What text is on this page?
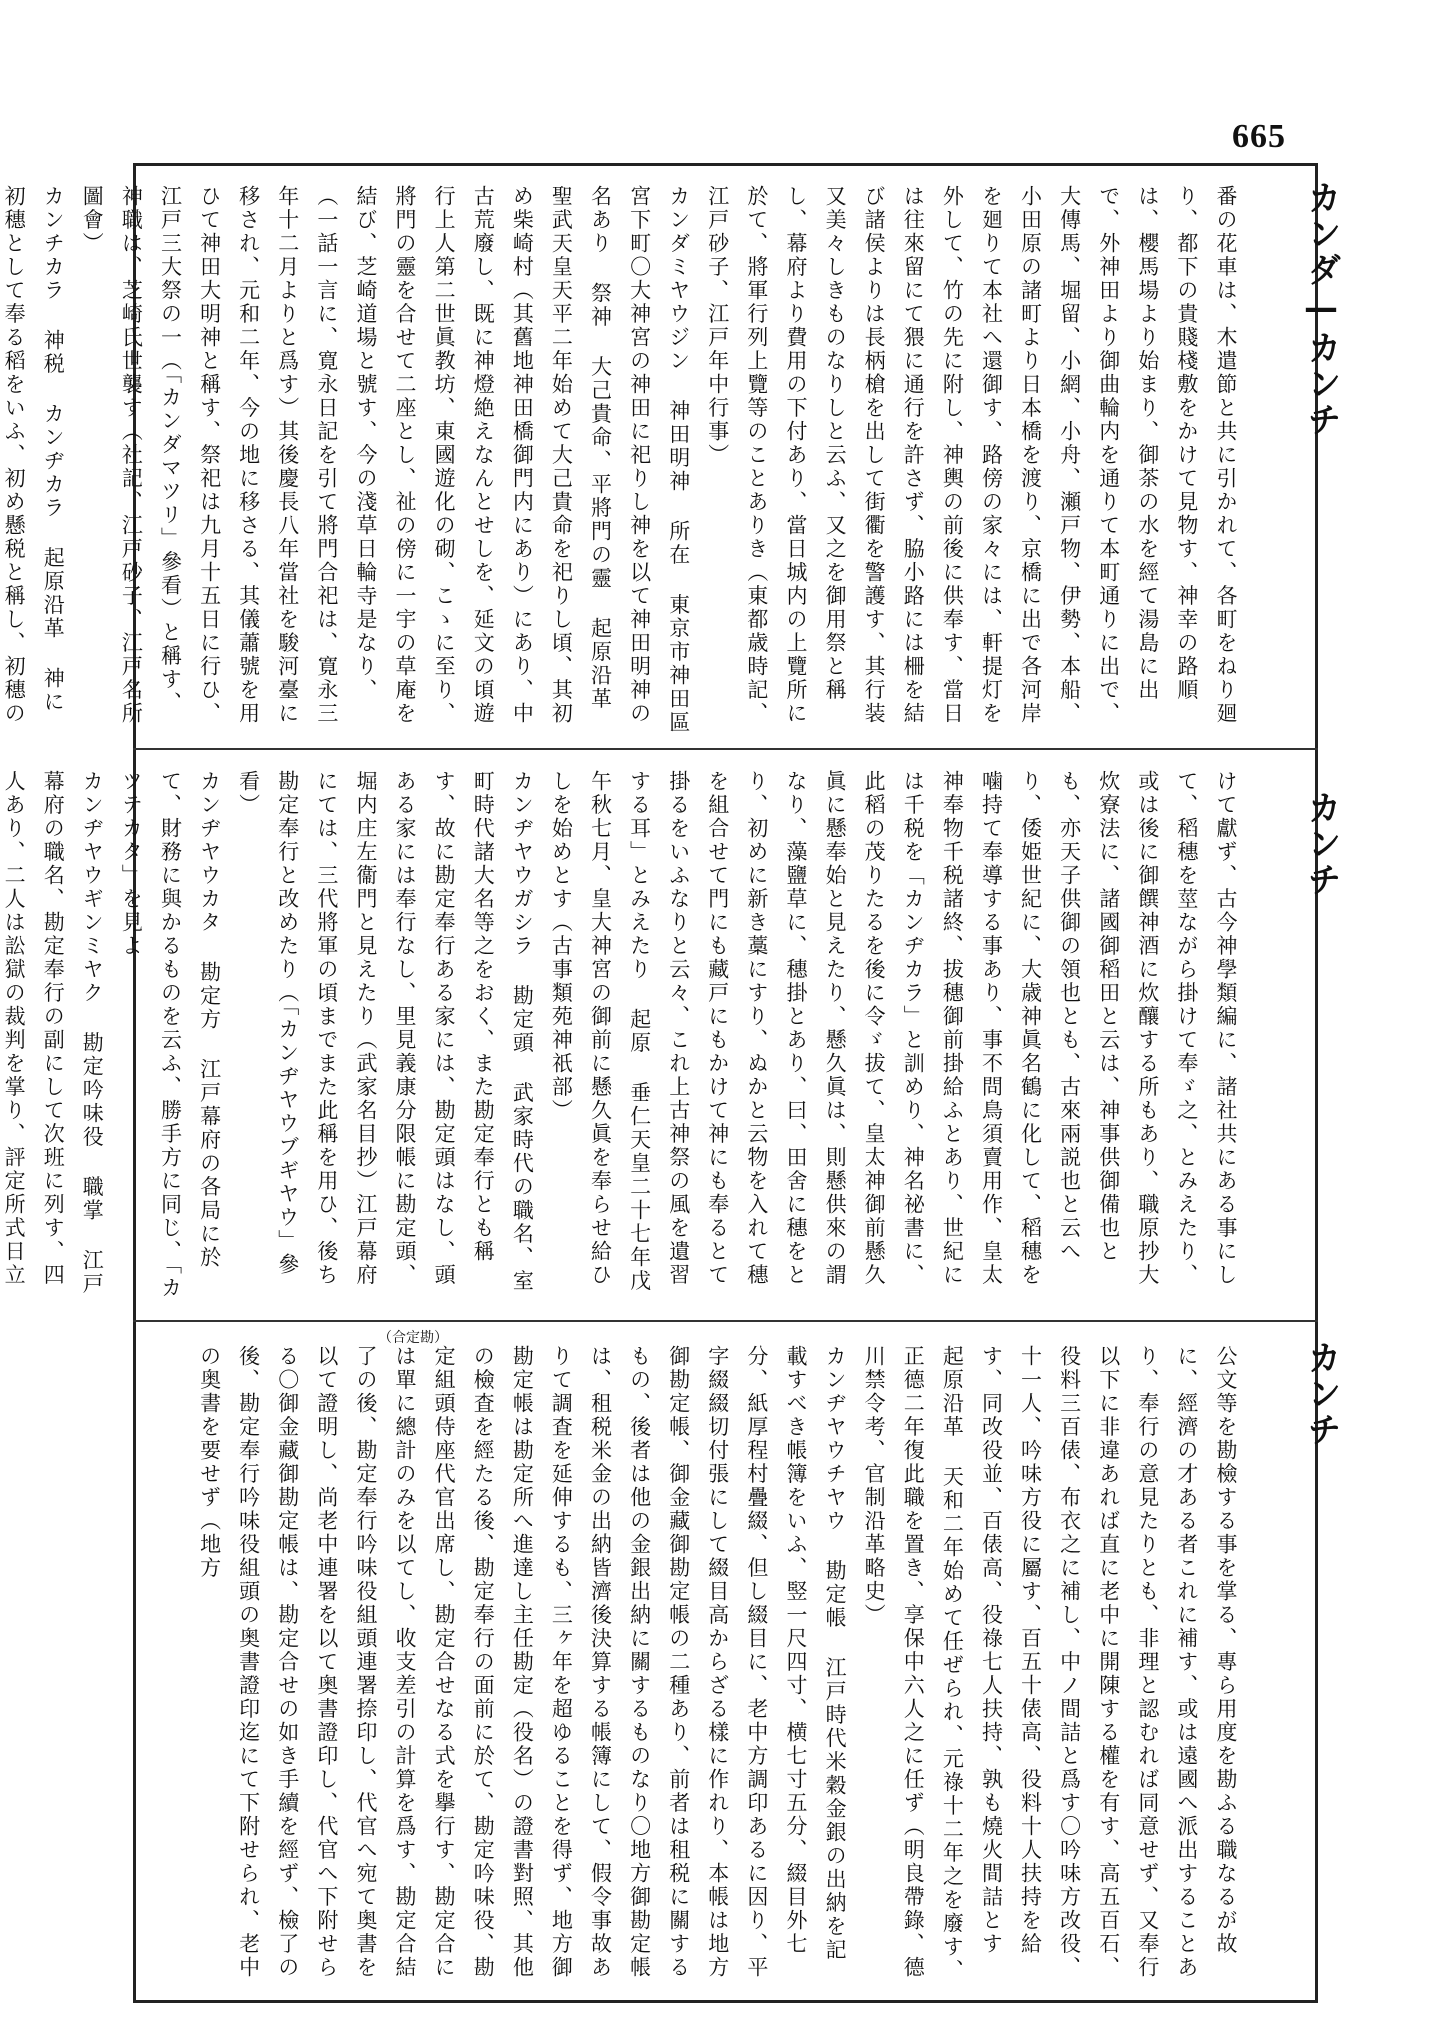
665
カンダ—カンチ
カンチ
カンチ
番の花車は、木遣節と共に引かれて、各町をねり廻り、都下の貴賤棧敷をかけて見物す、神幸の路順は、櫻馬場より始まり、御茶の水を經て湯島に出で、外神田より御曲輪内を通りて本町通りに出で、大傳馬、堀留、小網、小舟、瀬戸物、伊勢、本船、小田原の諸町より日本橋を渡り、京橋に出で各河岸を廻りて本社へ還御す、路傍の家々には、軒提灯を外して、竹の先に附し、神輿の前後に供奉す、當日は往來留にて猥に通行を許さず、脇小路には柵を結び諸侯よりは長柄槍を出して街衢を警護す、其行装又美々しきものなりしと云ふ、又之を御用祭と稱し、幕府より費用の下付あり、當日城内の上覽所に於て、將軍行列上覽等のことありき（東都歳時記、江戸砂子、江戸年中行事）
カンダミヤウジン 神田明神 所在 東京市神田區宮下町〇大神宮の神田に祀りし神を以て神田明神の名あり 祭神 大己貴命、平將門の靈 起原沿革 聖武天皇天平二年始めて大己貴命を祀りし頃、其初め柴崎村（其舊地神田橋御門内にあり）にあり、中古荒廢し、既に神燈絶えなんとせしを、延文の頃遊行上人第二世眞教坊、東國遊化の砌、こゝに至り、將門の靈を合せて二座とし、祉の傍に一宇の草庵を結び、芝崎道場と號す、今の淺草日輪寺是なり、（一話一言に、寛永日記を引て將門合祀は、寛永三年十二月よりと爲す）其後慶長八年當社を駿河臺に移され、元和二年、今の地に移さる、其儀蕭號を用ひて神田大明神と稱す、祭祀は九月十五日に行ひ、江戸三大祭の一（「カンダマツリ」參看）と稱す、神職は、芝崎氏世襲す（社記、江戸砂子、江戸名所圖會）
カンチカラ 神税 カンヂカラ 起原沿革 神に初穗として奉る稻をいふ、初め懸税と稱し、初穗の
けて獻ず、古今神學類編に、諸社共にある事にして、稻穗を莖ながら掛けて奉ゞ之、とみえたり、或は後に御饌神酒に炊釀する所もあり、職原抄大炊寮法に、諸國御稻田と云は、神事供御備也とも、亦天子供御の領也とも、古來兩説也と云へり、倭姫世紀に、大歳神眞名鶴に化して、稻穗を噛持て奉導する事あり、事不問鳥須賣用作、皇太神奉物千税諸終、拔穗御前掛給ふとあり、世紀には千税を「カンヂカラ」と訓めり、神名祕書に、此稻の茂りたるを後に令ゞ拔て、皇太神御前懸久眞に懸奉始と見えたり、懸久眞は、則懸供來の謂なり、藻鹽草に、穗掛とあり、曰、田舍に穗をとり、初めに新き藁にすり、ぬかと云物を入れて穗を組合せて門にも藏戸にもかけて神にも奉るとて掛るをいふなりと云々、これ上古神祭の風を遺習する耳」とみえたり 起原 垂仁天皇二十七年戊午秋七月、皇大神宮の御前に懸久眞を奉らせ給ひしを始めとす（古事類苑神祇部）
カンヂヤウガシラ 勘定頭 武家時代の職名、室町時代諸大名等之をおく、また勘定奉行とも稱す、故に勘定奉行ある家には、勘定頭はなし、頭ある家には奉行なし、里見義康分限帳に勘定頭、堀内庄左衞門と見えたり（武家名目抄）江戸幕府にては、三代將軍の頃までまた此稱を用ひ、後ち勘定奉行と改めたり（「カンヂヤウブギヤウ」參看）
カンヂヤウカタ 勘定方 江戸幕府の各局に於て、財務に與かるものを云ふ、勝手方に同じ、「カツテカタ」を見よ
カンヂヤウギンミヤク 勘定吟味役 職掌 江戸幕府の職名、勘定奉行の副にして次班に列す、四人あり、二人は訟獄の裁判を掌り、評定所式日立
公文等を勘檢する事を掌る、專ら用度を勘ふる職なるが故に、經濟の才ある者これに補す、或は遠國へ派出することあり、奉行の意見たりとも、非理と認むれば同意せず、又奉行以下に非違あれば直に老中に開陳する權を有す、高五百石、役料三百俵、布衣之に補し、中ノ間詰と爲す〇吟味方改役、十一人、吟味方役に屬す、百五十俵高、役料十人扶持を給す、同改役並、百俵高、役祿七人扶持、孰も燒火間詰とす
起原沿革 天和二年始めて任ぜられ、元祿十二年之を廢す、正德二年復此職を置き、享保中六人之に任ず（明良帶錄、德川禁令考、官制沿革略史）
カンヂヤウチヤウ 勘定帳 江戸時代米穀金銀の出納を記載すべき帳簿をいふ、竪一尺四寸、横七寸五分、綴目外七分、紙厚程村疊綴、但し綴目に、老中方調印あるに因り、平字綴綴切付張にして綴目高からざる樣に作れり、本帳は地方御勘定帳、御金藏御勘定帳の二種あり、前者は租税に關するもの、後者は他の金銀出納に關するものなり〇地方御勘定帳は、租税米金の出納皆濟後決算する帳簿にして、假令事故ありて調査を延伸するも、三ヶ年を超ゆることを得ず、地方御勘定帳は勘定所へ進達し主任勘定（役名）の證書對照、其他の檢査を經たる後、勘定奉行の面前に於て、勘定吟味役、勘定組頭侍座代官出席し、勘定合せなる式を擧行す、勘定合には單に總計のみを以てし、收支差引の計算を爲す、勘定合結了の後、勘定奉行吟味役組頭連署捺印し、代官へ宛て奥書を以て證明し、尚老中連署を以て奥書證印し、代官へ下附せらる〇御金藏御勘定帳は、勘定合せの如き手續を經ず、檢了の後、勘定奉行吟味役組頭の奥書證印迄にて下附せられ、老中の奥書を要せず（地方
（合定勘）
